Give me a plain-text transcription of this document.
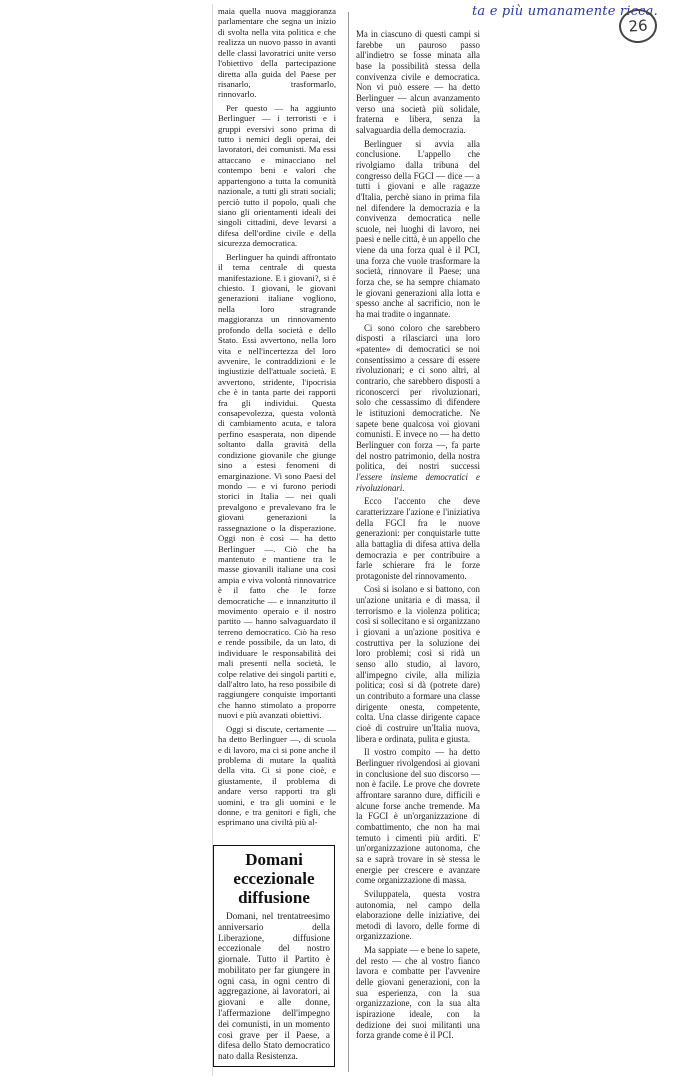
ta e più umanamente ricca.
26

maia quella nuova maggioranza parlamentare che segna un inizio di svolta nella vita politica e che realizza un nuovo passo in avanti delle classi lavoratrici unite verso l'obiettivo della partecipazione diretta alla guida del Paese per risanarlo, trasformarlo, rinnovarlo.

Per questo — ha aggiunto Berlinguer — i terroristi e i gruppi eversivi sono prima di tutto i nemici degli operai, dei lavoratori, dei comunisti. Ma essi attaccano e minacciano nel contempo beni e valori che appartengono a tutta la comunità nazionale, a tutti gli strati sociali; perciò tutto il popolo, quali che siano gli orientamenti ideali dei singoli cittadini, deve levarsi a difesa dell'ordine civile e della sicurezza democratica.

Berlinguer ha quindi affrontato il tema centrale di questa manifestazione. E i giovani?, si è chiesto. I giovani, le giovani generazioni italiane vogliono, nella loro stragrande maggioranza un rinnovamento profondo della società e dello Stato. Essi avvertono, nella loro vita e nell'incertezza del loro avvenire, le contraddizioni e le ingiustizie dell'attuale società. E avvertono, stridente, l'ipocrisia che è in tanta parte dei rapporti fra gli individui. Questa consapevolezza, questa volontà di cambiamento acuta, e talora perfino esasperata, non dipende soltanto dalla gravità della condizione giovanile che giunge sino a estesi fenomeni di emarginazione. Vi sono Paesi del mondo — e vi furono periodi storici in Italia — nei quali prevalgono e prevalevano fra le giovani generazioni la rassegnazione o la disperazione. Oggi non è così — ha detto Berlinguer —. Ciò che ha mantenuto e mantiene tra le masse giovanili italiane una così ampia e viva volontà rinnovatrice è il fatto che le forze democratiche — e innanzitutto il movimento operaio e il nostro partito — hanno salvaguardato il terreno democratico. Ciò ha reso e rende possibile, da un lato, di individuare le responsabilità dei mali presenti nella società, le colpe relative dei singoli partiti e, dall'altro lato, ha reso possibile di raggiungere conquiste importanti che hanno stimolato a proporre nuovi e più avanzati obiettivi.

Oggi si discute, certamente — ha detto Berlinguer —, di scuola e di lavoro, ma ci si pone anche il problema di mutare la qualità della vita. Ci si pone cioè, e giustamente, il problema di andare verso rapporti tra gli uomini, e tra gli uomini e le donne, e tra genitori e figli, che esprimano una civiltà più al-

Domani
eccezionale
diffusione

Domani, nel trentatreesimo anniversario della Liberazione, diffusione eccezionale del nostro giornale. Tutto il Partito è mobilitato per far giungere in ogni casa, in ogni centro di aggregazione, ai lavoratori, ai giovani e alle donne, l'affermazione dell'impegno dei comunisti, in un momento così grave per il Paese, a difesa dello Stato democratico nato dalla Resistenza.

Ma in ciascuno di questi campi si farebbe un pauroso passo all'indietro se fosse minata alla base la possibilità stessa della convivenza civile e democratica. Non vi può essere — ha detto Berlinguer — alcun avanzamento verso una società più solidale, fraterna e libera, senza la salvaguardia della democrazia.

Berlinguer si avvia alla conclusione. L'appello che rivolgiamo dalla tribuna del congresso della FGCI — dice — a tutti i giovani e alle ragazze d'Italia, perchè siano in prima fila nel difendere la democrazia e la convivenza democratica nelle scuole, nei luoghi di lavoro, nei paesi e nelle città, è un appello che viene da una forza qual è il PCI, una forza che vuole trasformare la società, rinnovare il Paese; una forza che, se ha sempre chiamato le giovani generazioni alla lotta e spesso anche al sacrificio, non le ha mai tradite o ingannate.

Ci sono coloro che sarebbero disposti a rilasciarci una loro «patente» di democratici se noi consentissimo a cessare di essere rivoluzionari; e ci sono altri, al contrario, che sarebbero disposti a riconoscerci per rivoluzionari, solo che cessassimo di difendere le istituzioni democratiche. Ne sapete bene qualcosa voi giovani comunisti. E invece no — ha detto Berlinguer con forza —, fa parte del nostro patrimonio, della nostra politica, dei nostri successi l'essere insieme democratici e rivoluzionari.

Ecco l'accento che deve caratterizzare l'azione e l'iniziativa della FGCI fra le nuove generazioni: per conquistarle tutte alla battaglia di difesa attiva della democrazia e per contribuire a farle schierare fra le forze protagoniste del rinnovamento.

Così si isolano e si battono, con un'azione unitaria e di massa, il terrorismo e la violenza politica; così si sollecitano e si organizzano i giovani a un'azione positiva e costruttiva per la soluzione dei loro problemi; così si ridà un senso allo studio, al lavoro, all'impegno civile, alla milizia politica; così si dà (potrete dare) un contributo a formare una classe dirigente onesta, competente, colta. Una classe dirigente capace cioè di costruire un'Italia nuova, libera e ordinata, pulita e giusta.

Il vostro compito — ha detto Berlinguer rivolgendosi ai giovani in conclusione del suo discorso — non è facile. Le prove che dovrete affrontare saranno dure, difficili e alcune forse anche tremende. Ma la FGCI è un'organizzazione di combattimento, che non ha mai temuto i cimenti più arditi. E' un'organizzazione autonoma, che sa e saprà trovare in sè stessa le energie per crescere e avanzare come organizzazione di massa.

Sviluppatela, questa vostra autonomia, nel campo della elaborazione delle iniziative, dei metodi di lavoro, delle forme di organizzazione.

Ma sappiate — e bene lo sapete, del resto — che al vostro fianco lavora e combatte per l'avvenire delle giovani generazioni, con la sua esperienza, con la sua organizzazione, con la sua alta ispirazione ideale, con la dedizione dei suoi militanti una forza grande come è il PCI.
